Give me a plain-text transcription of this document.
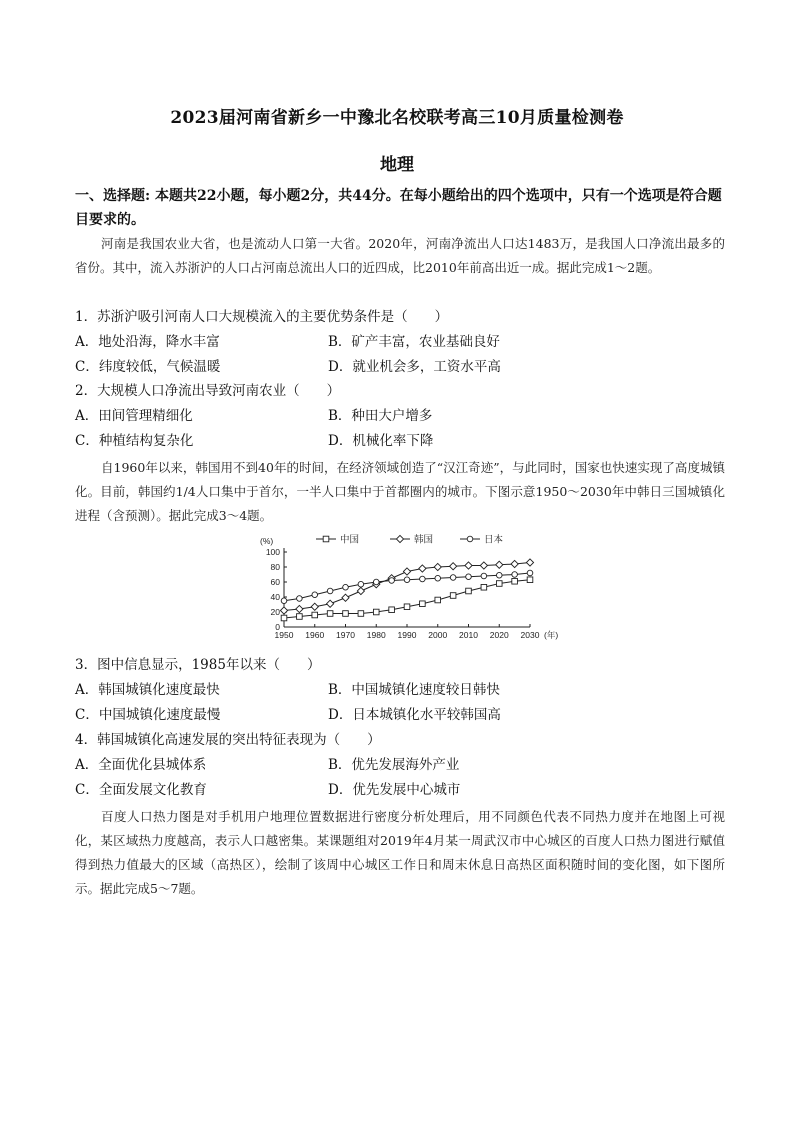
2023届河南省新乡一中豫北名校联考高三10月质量检测卷
地理
一、选择题: 本题共22小题，每小题2分，共44分。在每小题给出的四个选项中，只有一个选项是符合题目要求的。
河南是我国农业大省，也是流动人口第一大省。2020年，河南净流出人口达1483万，是我国人口净流出最多的省份。其中，流入苏浙沪的人口占河南总流出人口的近四成，比2010年前高出近一成。据此完成1～2题。
1．苏浙沪吸引河南人口大规模流入的主要优势条件是（　　）
A．地处沿海，降水丰富	B．矿产丰富，农业基础良好
C．纬度较低，气候温暖	D．就业机会多，工资水平高
2．大规模人口净流出导致河南农业（　　）
A．田间管理精细化	B．种田大户增多
C．种植结构复杂化	D．机械化率下降
自1960年以来，韩国用不到40年的时间，在经济领域创造了“汉江奇迹”，与此同时，国家也快速实现了高度城镇化。目前，韩国约1/4人口集中于首尔，一半人口集中于首都圈内的城市。下图示意1950～2030年中韩日三国城镇化进程（含预测）。据此完成3～4题。
0
20
40
60
80
100
(%)
1950 1960 1970 1980 1990 2000 2010 2020 2030 (年)
中国	韩国	日本
3．图中信息显示，1985年以来（　　）
A．韩国城镇化速度最快	B．中国城镇化速度较日韩快
C．中国城镇化速度最慢	D．日本城镇化水平较韩国高
4．韩国城镇化高速发展的突出特征表现为（　　）
A．全面优化县城体系	B．优先发展海外产业
C．全面发展文化教育	D．优先发展中心城市
百度人口热力图是对手机用户地理位置数据进行密度分析处理后，用不同颜色代表不同热力度并在地图上可视化，某区域热力度越高，表示人口越密集。某课题组对2019年4月某一周武汉市中心城区的百度人口热力图进行赋值得到热力值最大的区域（高热区），绘制了该周中心城区工作日和周末休息日高热区面积随时间的变化图，如下图所示。据此完成5～7题。
